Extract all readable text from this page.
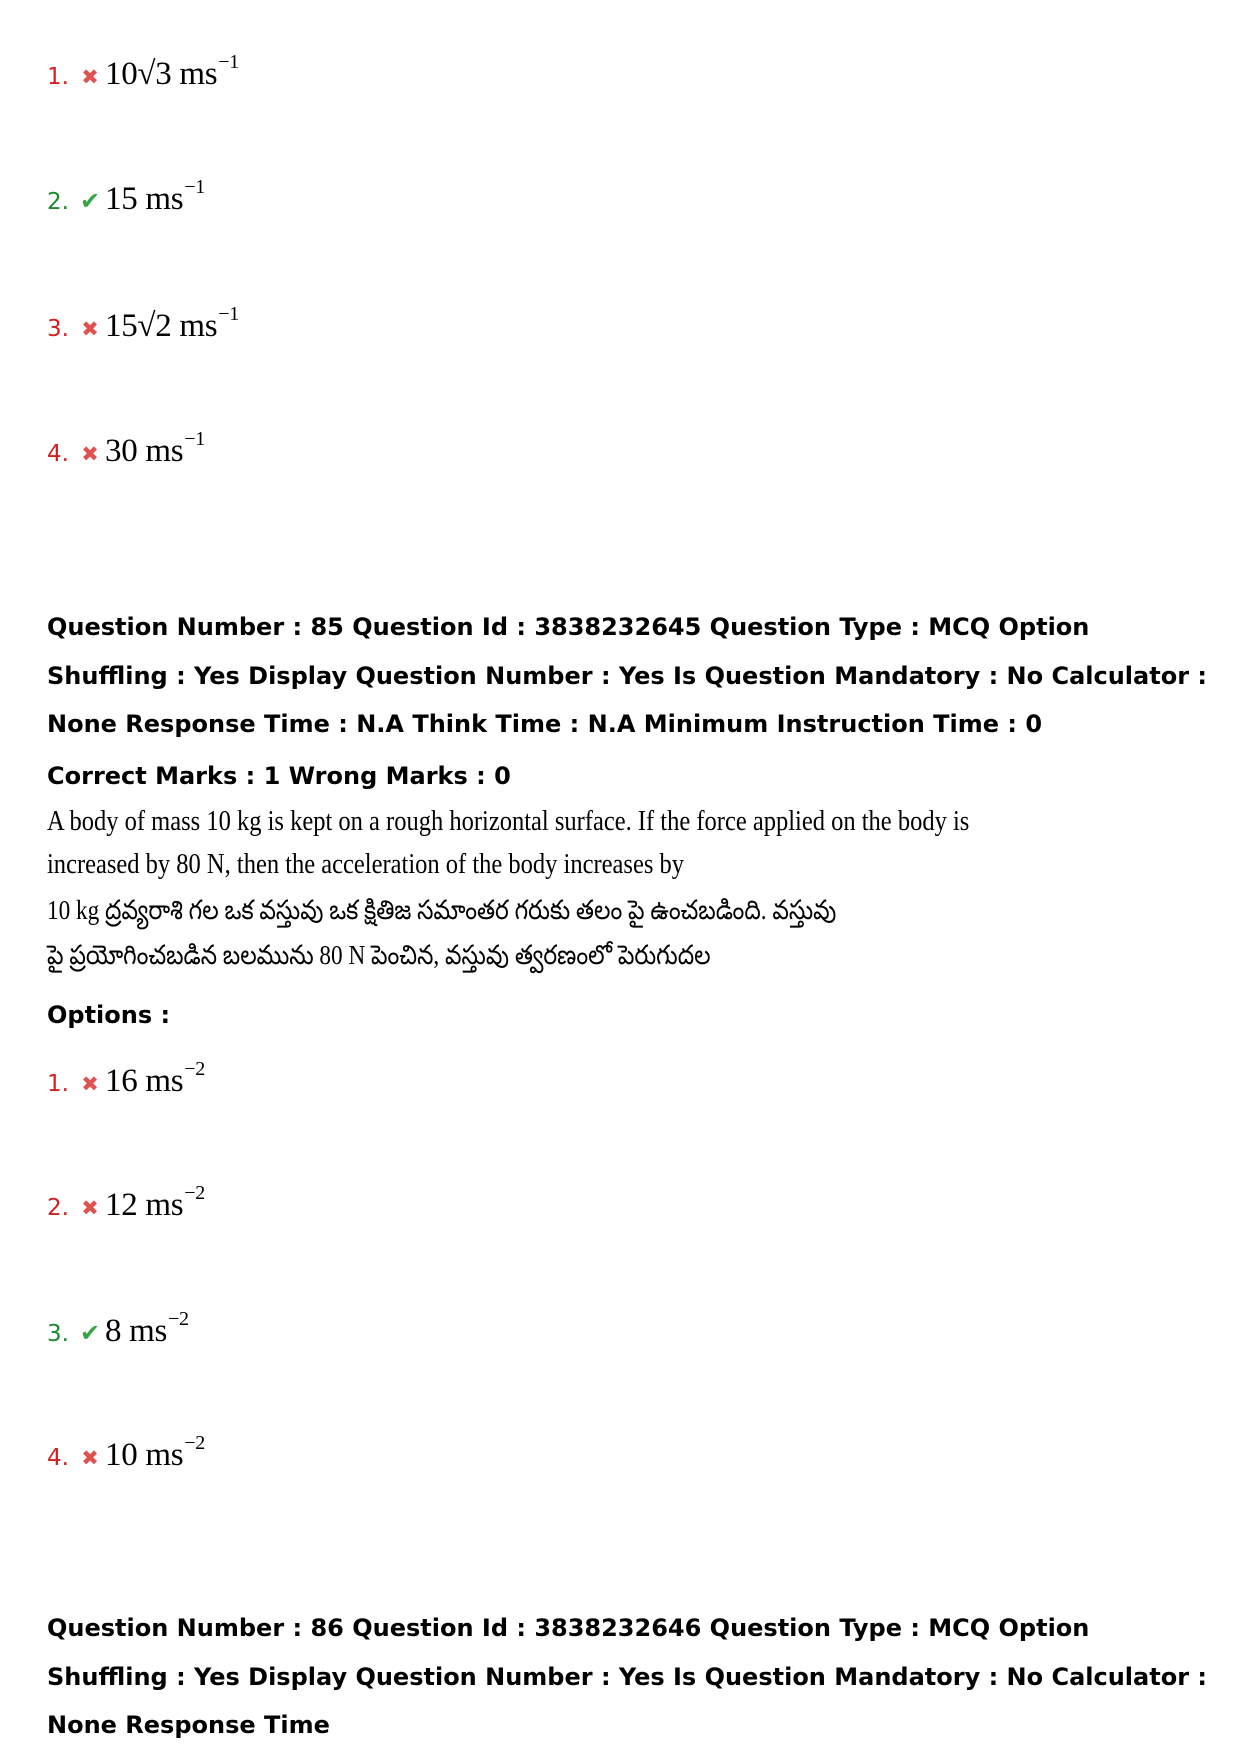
1. ✖ 10√3 $ms^{-1}$
2. ✔ 15 $ms^{-1}$
3. ✖ 15√2 $ms^{-1}$
4. ✖ 30 $ms^{-1}$
Question Number : 85 Question Id : 3838232645 Question Type : MCQ Option Shuffling : Yes Display Question Number : Yes Is Question Mandatory : No Calculator : None Response Time : N.A Think Time : N.A Minimum Instruction Time : 0
Correct Marks : 1 Wrong Marks : 0
A body of mass 10 kg is kept on a rough horizontal surface. If the force applied on the body is
increased by 80 N, then the acceleration of the body increases by
10 kg ద్రవ్యరాశి గల ఒక వస్తువు ఒక క్షితిజ సమాంతర గరుకు తలం పై ఉంచబడింది. వస్తువు
పై ప్రయోగించబడిన బలమును 80 N పెంచిన, వస్తువు త్వరణంలో పెరుగుదల
Options :
1. ✖ 16 $ms^{-2}$
2. ✖ 12 $ms^{-2}$
3. ✔ 8 $ms^{-2}$
4. ✖ 10 $ms^{-2}$
Question Number : 86 Question Id : 3838232646 Question Type : MCQ Option Shuffling : Yes Display Question Number : Yes Is Question Mandatory : No Calculator : None Response Time
